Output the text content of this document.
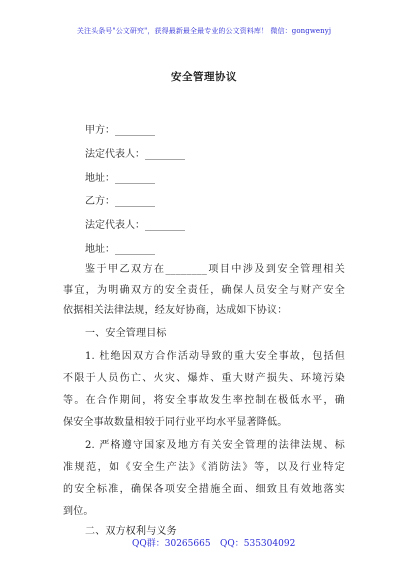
关注头条号"公文研究"，获得最新最全最专业的公文资料库！ 微信：gongwenyj
安全管理协议
甲方：________
法定代表人：________
地址：________
乙方：________
法定代表人：________
地址：________
鉴于甲乙双方在________项目中涉及到安全管理相关
事宜，为明确双方的安全责任，确保人员安全与财产安全
依据相关法律法规，经友好协商，达成如下协议：
一、安全管理目标
1. 杜绝因双方合作活动导致的重大安全事故，包括但
不限于人员伤亡、火灾、爆炸、重大财产损失、环境污染
等。在合作期间，将安全事故发生率控制在极低水平，确
保安全事故数量相较于同行业平均水平显著降低。
2. 严格遵守国家及地方有关安全管理的法律法规、标
准规范，如《安全生产法》《消防法》等，以及行业特定
的安全标准，确保各项安全措施全面、细致且有效地落实
到位。
二、双方权利与义务
QQ群：30265665 QQ：535304092
